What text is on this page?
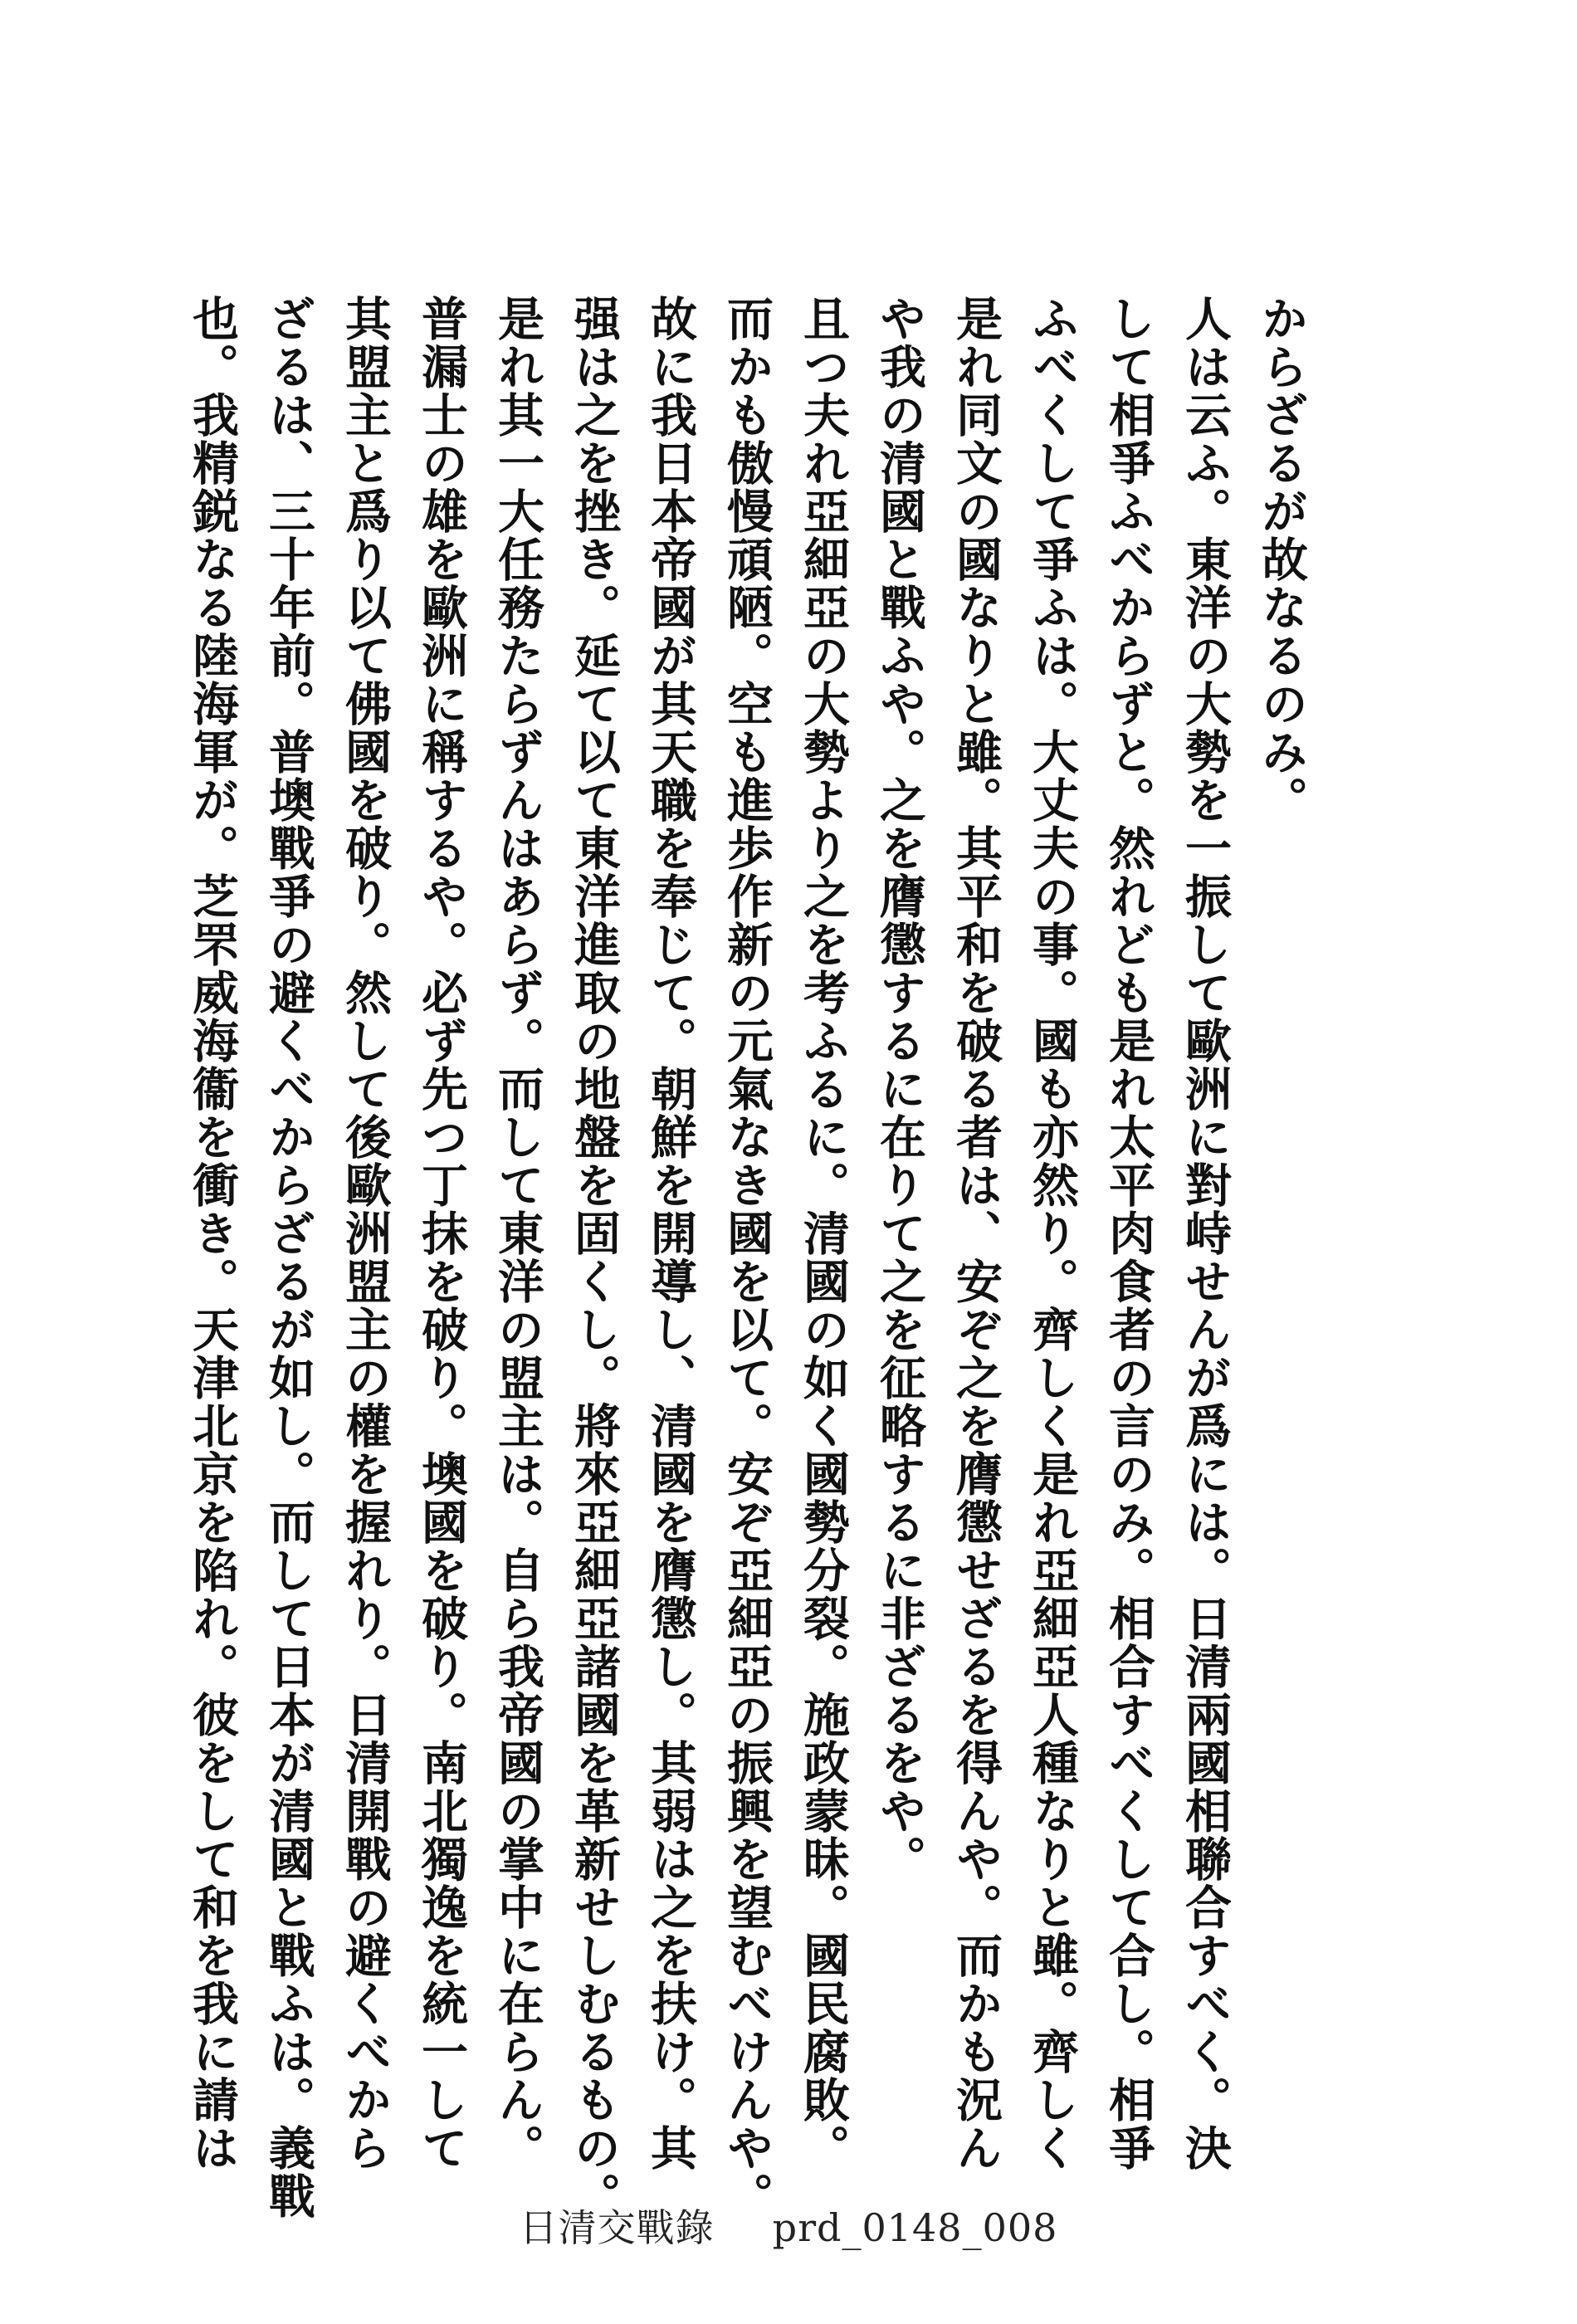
からざるが故なるのみ。
人は云ふ。東洋の大勢を一振して歐洲に對峙せんが爲には。日清兩國相聯合すべく。決
して相爭ふべからずと。然れども是れ太平肉食者の言のみ。相合すべくして合し。相爭
ふべくして爭ふは。大丈夫の事。國も亦然り。齊しく是れ亞細亞人種なりと雖。齊しく
是れ同文の國なりと雖。其平和を破る者は、安ぞ之を膺懲せざるを得んや。而かも況ん
や我の清國と戰ふや。之を膺懲するに在りて之を征略するに非ざるをや。
且つ夫れ亞細亞の大勢より之を考ふるに。清國の如く國勢分裂。施政蒙昧。國民腐敗。
而かも傲慢頑陋。空も進歩作新の元氣なき國を以て。安ぞ亞細亞の振興を望むべけんや。
故に我日本帝國が其天職を奉じて。朝鮮を開導し、清國を膺懲し。其弱は之を扶け。其
强は之を挫き。延て以て東洋進取の地盤を固くし。將來亞細亞諸國を革新せしむるもの。
是れ其一大任務たらずんはあらず。而して東洋の盟主は。自ら我帝國の掌中に在らん。
普漏士の雄を歐洲に稱するや。必ず先つ丁抹を破り。墺國を破り。南北獨逸を統一して
其盟主と爲り以て佛國を破り。然して後歐洲盟主の權を握れり。日清開戰の避くべから
ざるは、三十年前。普墺戰爭の避くべからざるが如し。而して日本が清國と戰ふは。義戰
也。我精鋭なる陸海軍が。芝罘威海衞を衝き。天津北京を陷れ。彼をして和を我に請は
日清交戰錄 prd_0148_008
